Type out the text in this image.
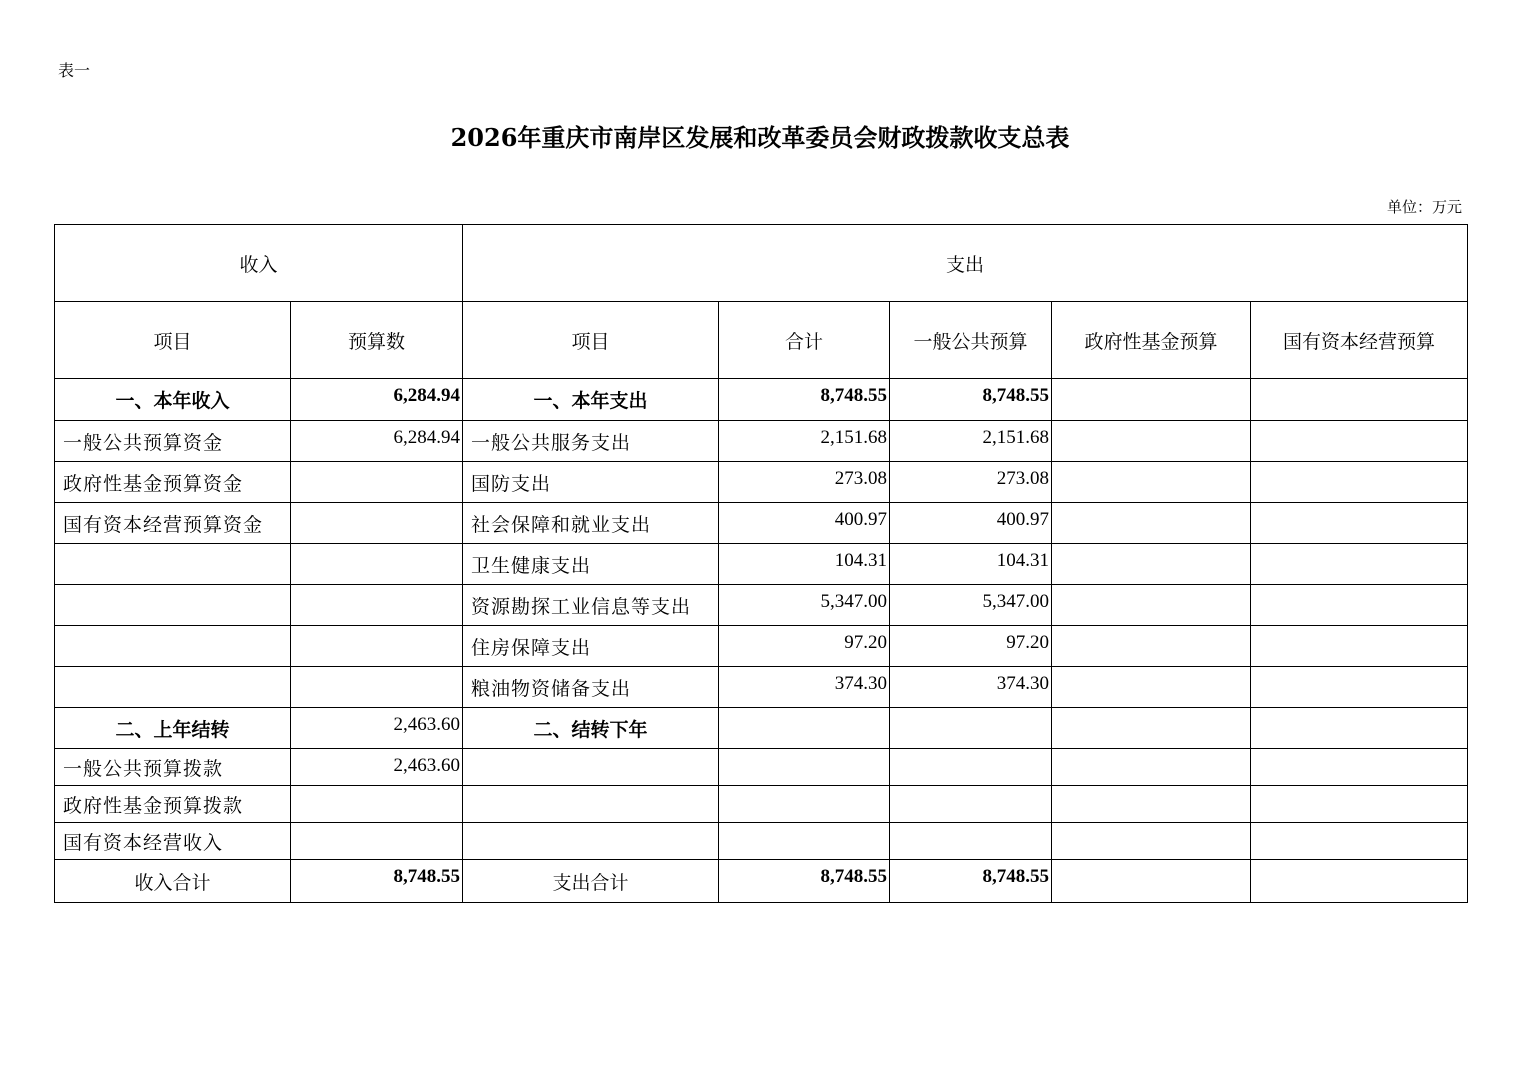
表一
2026年重庆市南岸区发展和改革委员会财政拨款收支总表
单位：万元
收入		支出				
项目	预算数	项目	合计	一般公共预算	政府性基金预算	国有资本经营预算
一、本年收入	6,284.94	一、本年支出	8,748.55	8,748.55		
一般公共预算资金	6,284.94	一般公共服务支出	2,151.68	2,151.68		
政府性基金预算资金		国防支出	273.08	273.08		
国有资本经营预算资金		社会保障和就业支出	400.97	400.97		
		卫生健康支出	104.31	104.31		
		资源勘探工业信息等支出	5,347.00	5,347.00		
		住房保障支出	97.20	97.20		
		粮油物资储备支出	374.30	374.30		
二、上年结转	2,463.60	二、结转下年				
一般公共预算拨款	2,463.60					
政府性基金预算拨款						
国有资本经营收入						
收入合计	8,748.55	支出合计	8,748.55	8,748.55		
